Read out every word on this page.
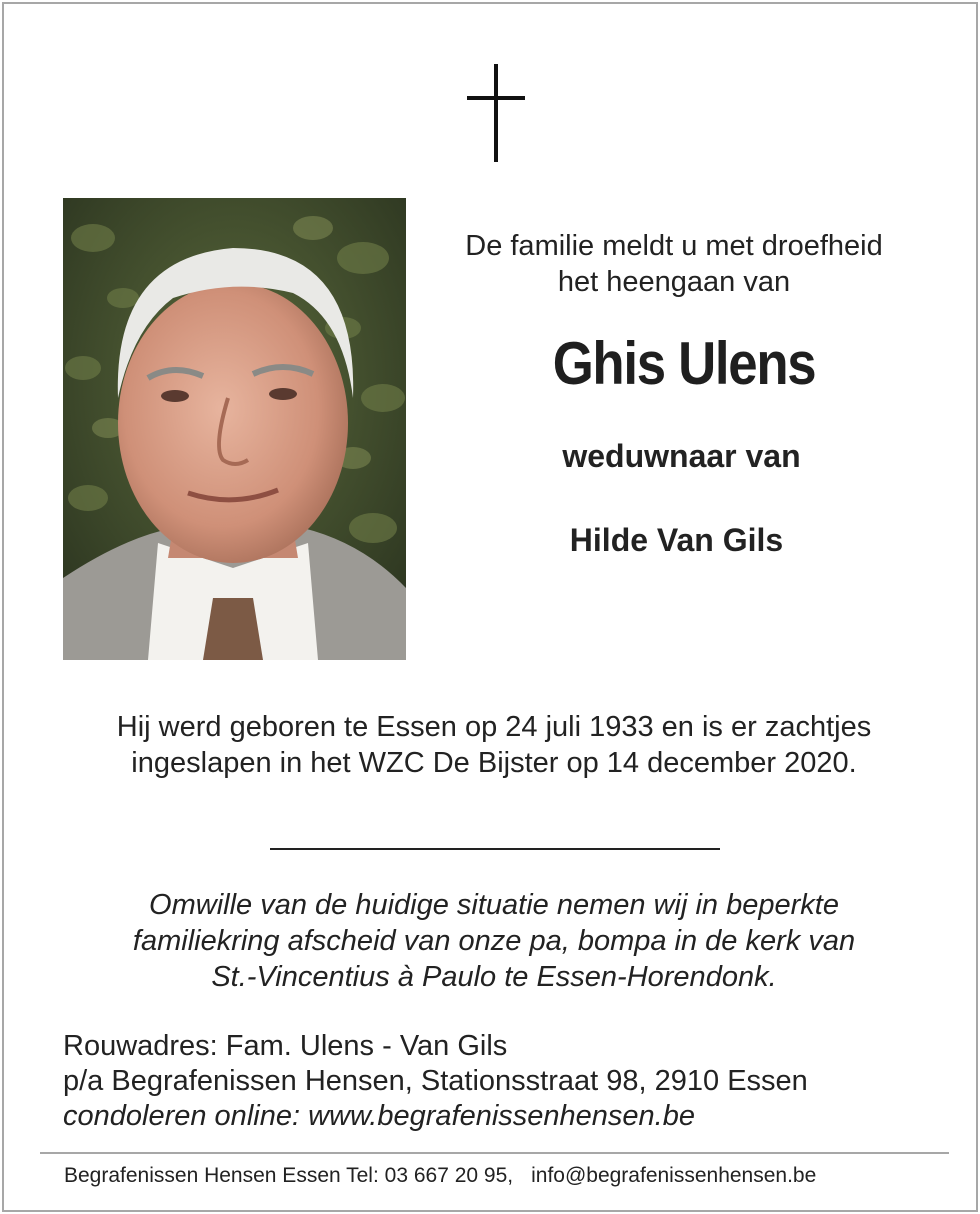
De familie meldt u met droefheid
het heengaan van
Ghis Ulens
weduwnaar van
Hilde Van Gils
Hij werd geboren te Essen op 24 juli 1933 en is er zachtjes
ingeslapen in het WZC De Bijster op 14 december 2020.
Omwille van de huidige situatie nemen wij in beperkte
familiekring afscheid van onze pa, bompa in de kerk van
St.-Vincentius à Paulo te Essen-Horendonk.
Rouwadres: Fam. Ulens - Van Gils
p/a Begrafenissen Hensen, Stationsstraat 98, 2910 Essen
condoleren online: www.begrafenissenhensen.be
Begrafenissen Hensen Essen Tel: 03 667 20 95, info@begrafenissenhensen.be
